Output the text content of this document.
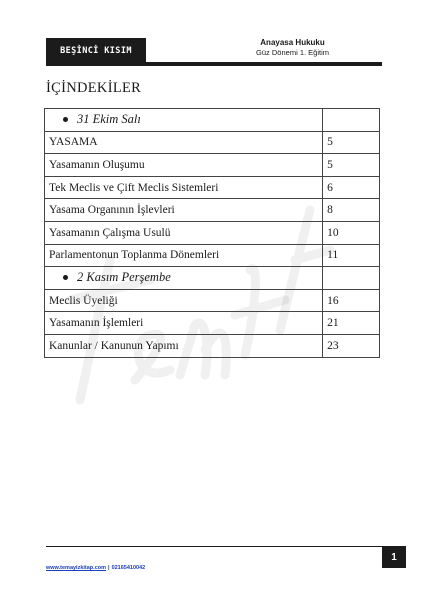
BEŞİNCİ KISIM
Anayasa Hukuku
Güz Dönemi 1. Eğitim
İÇİNDEKİLER
31 Ekim Salı	
YASAMA	5
Yasamanın Oluşumu	5
Tek Meclis ve Çift Meclis Sistemleri	6
Yasama Organının İşlevleri	8
Yasamanın Çalışma Usulü	10
Parlamentonun Toplanma Dönemleri	11
2 Kasım Perşembe	
Meclis Üyeliği	16
Yasamanın İşlemleri	21
Kanunlar / Kanunun Yapımı	23
1
www.temayizkitap.com | 02165410042
